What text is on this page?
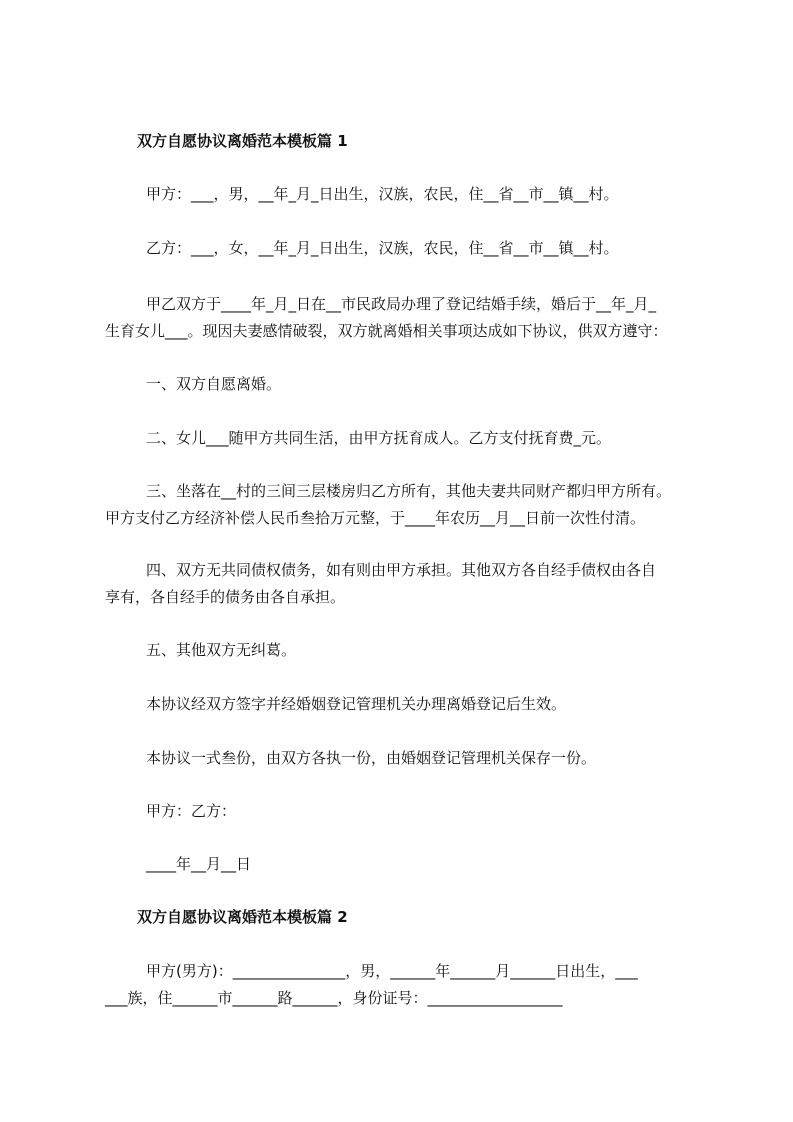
双方自愿协议离婚范本模板篇 1

甲方：___，男，__年_月_日出生，汉族，农民，住__省__市__镇__村。

乙方：___，女，__年_月_日出生，汉族，农民，住__省__市__镇__村。

甲乙双方于____年_月_日在__市民政局办理了登记结婚手续，婚后于__年_月_

生育女儿___。现因夫妻感情破裂，双方就离婚相关事项达成如下协议，供双方遵守：

一、双方自愿离婚。

二、女儿___随甲方共同生活，由甲方抚育成人。乙方支付抚育费_元。

三、坐落在__村的三间三层楼房归乙方所有，其他夫妻共同财产都归甲方所有。

甲方支付乙方经济补偿人民币叁拾万元整，于____年农历__月__日前一次性付清。

四、双方无共同债权债务，如有则由甲方承担。其他双方各自经手债权由各自

享有，各自经手的债务由各自承担。

五、其他双方无纠葛。

本协议经双方签字并经婚姻登记管理机关办理离婚登记后生效。

本协议一式叁份，由双方各执一份，由婚姻登记管理机关保存一份。

甲方：乙方：

____年__月__日

双方自愿协议离婚范本模板篇 2

甲方(男方)：_______________，男，______年______月______日出生，___

___族，住______市______路______，身份证号：__________________
